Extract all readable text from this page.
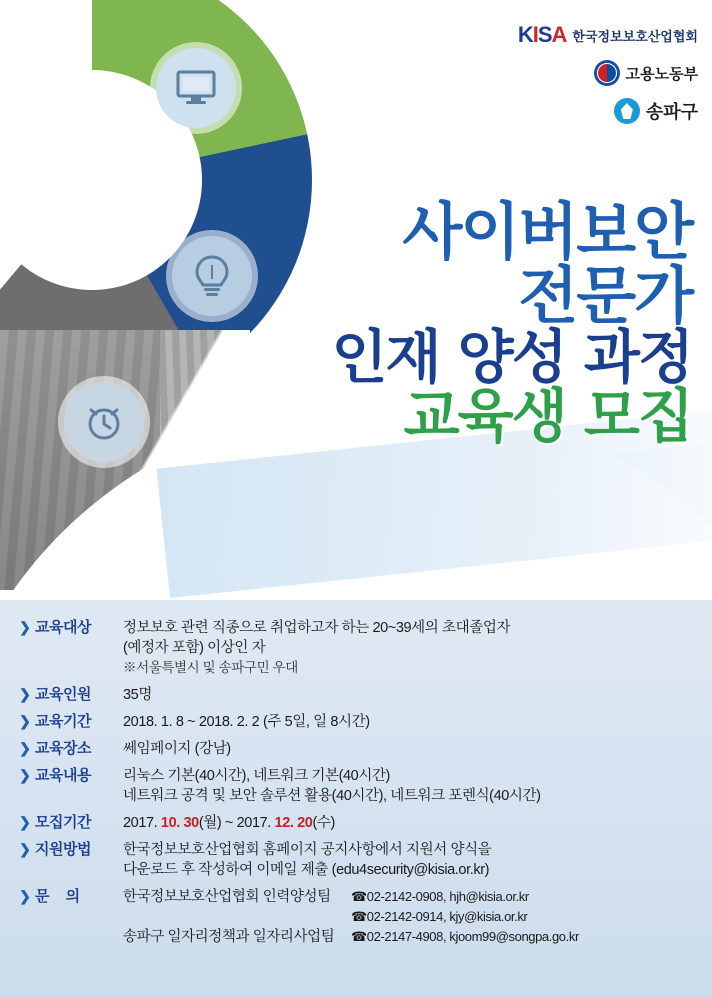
KISA 한국정보보호산업협회
고용노동부
송파구
사이버보안
전문가
인재 양성 과정
교육생 모집
❯ 교육대상	정보보호 관련 직종으로 취업하고자 하는 20~39세의 초대졸업자
(예정자 포함) 이상인 자
※서울특별시 및 송파구민 우대
❯ 교육인원	35명
❯ 교육기간	2018. 1. 8 ~ 2018. 2. 2 (주 5일, 일 8시간)
❯ 교육장소	쎄임페이지 (강남)
❯ 교육내용	리눅스 기본(40시간), 네트워크 기본(40시간)
네트워크 공격 및 보안 솔루션 활용(40시간), 네트워크 포렌식(40시간)
❯ 모집기간	2017. 10. 30(월) ~ 2017. 12. 20(수)
❯ 지원방법	한국정보보호산업협회 홈페이지 공지사항에서 지원서 양식을
다운로드 후 작성하여 이메일 제출 (edu4security@kisia.or.kr)
❯ 문 의	한국정보보호산업협회 인력양성팀	☎02-2142-0908, hjh@kisia.or.kr
☎02-2142-0914, kjy@kisia.or.kr
송파구 일자리정책과 일자리사업팀	☎02-2147-4908, kjoom99@songpa.go.kr
